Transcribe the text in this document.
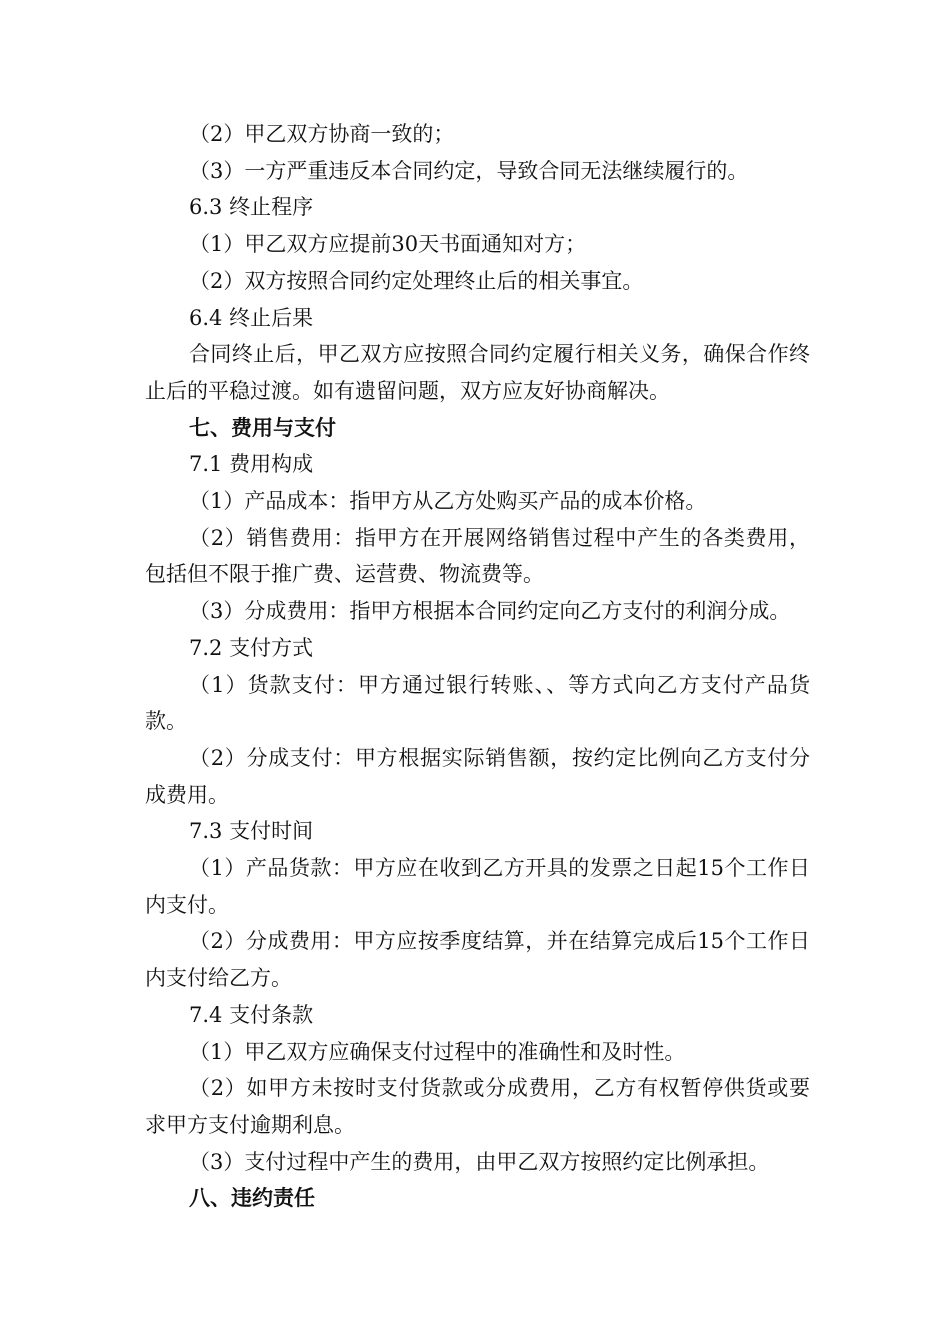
（2）甲乙双方协商一致的；

（3）一方严重违反本合同约定，导致合同无法继续履行的。

6.3 终止程序

（1）甲乙双方应提前30天书面通知对方；

（2）双方按照合同约定处理终止后的相关事宜。

6.4 终止后果

合同终止后，甲乙双方应按照合同约定履行相关义务，确保合作终止后的平稳过渡。如有遗留问题，双方应友好协商解决。

七、费用与支付

7.1 费用构成

（1）产品成本：指甲方从乙方处购买产品的成本价格。

（2）销售费用：指甲方在开展网络销售过程中产生的各类费用，包括但不限于推广费、运营费、物流费等。

（3）分成费用：指甲方根据本合同约定向乙方支付的利润分成。

7.2 支付方式

（1）货款支付：甲方通过银行转账、、等方式向乙方支付产品货款。

（2）分成支付：甲方根据实际销售额，按约定比例向乙方支付分成费用。

7.3 支付时间

（1）产品货款：甲方应在收到乙方开具的发票之日起15个工作日内支付。

（2）分成费用：甲方应按季度结算，并在结算完成后15个工作日内支付给乙方。

7.4 支付条款

（1）甲乙双方应确保支付过程中的准确性和及时性。

（2）如甲方未按时支付货款或分成费用，乙方有权暂停供货或要求甲方支付逾期利息。

（3）支付过程中产生的费用，由甲乙双方按照约定比例承担。

八、违约责任
